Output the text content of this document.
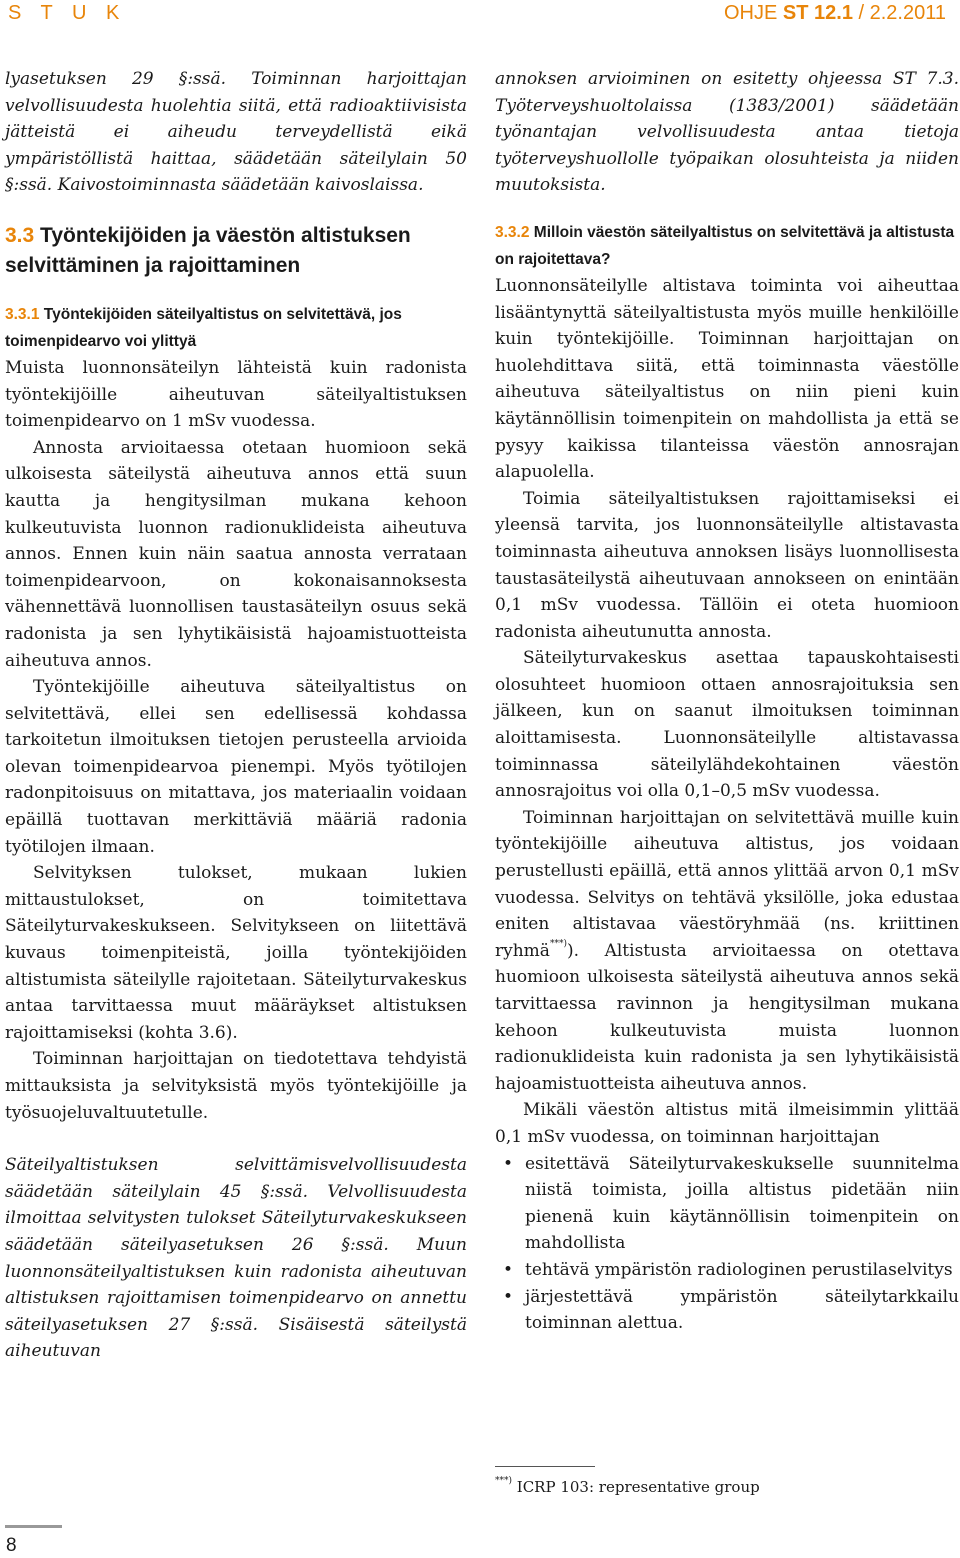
S T U K	OHJE ST 12.1 / 2.2.2011

lyasetuksen 29 §:ssä. Toiminnan harjoittajan velvollisuudesta huolehtia siitä, että radioaktiivisista jätteistä ei aiheudu terveydellistä eikä ympäristöllistä haittaa, säädetään säteilylain 50 §:ssä. Kaivostoiminnasta säädetään kaivoslaissa.

3.3 Työntekijöiden ja väestön altistuksen selvittäminen ja rajoittaminen
3.3.1 Työntekijöiden säteilyaltistus on selvitettävä, jos toimenpidearvo voi ylittyä

Muista luonnonsäteilyn lähteistä kuin radonista työntekijöille aiheutuvan säteilyaltistuksen toimenpidearvo on 1 mSv vuodessa.

Annosta arvioitaessa otetaan huomioon sekä ulkoisesta säteilystä aiheutuva annos että suun kautta ja hengitysilman mukana kehoon kulkeutuvista luonnon radionuklideista aiheutuva annos. Ennen kuin näin saatua annosta verrataan toimenpidearvoon, on kokonaisannoksesta vähennettävä luonnollisen taustasäteilyn osuus sekä radonista ja sen lyhytikäisistä hajoamistuotteista aiheutuva annos.

Työntekijöille aiheutuva säteilyaltistus on selvitettävä, ellei sen edellisessä kohdassa tarkoitetun ilmoituksen tietojen perusteella arvioida olevan toimenpidearvoa pienempi. Myös työtilojen radonpitoisuus on mitattava, jos materiaalin voidaan epäillä tuottavan merkittäviä määriä radonia työtilojen ilmaan.

Selvityksen tulokset, mukaan lukien mittaustulokset, on toimitettava Säteilyturvakeskukseen. Selvitykseen on liitettävä kuvaus toimenpiteistä, joilla työntekijöiden altistumista säteilylle rajoitetaan. Säteilyturvakeskus antaa tarvittaessa muut määräykset altistuksen rajoittamiseksi (kohta 3.6).

Toiminnan harjoittajan on tiedotettava tehdyistä mittauksista ja selvityksistä myös työntekijöille ja työsuojeluvaltuutetulle.

Säteilyaltistuksen selvittämisvelvollisuudesta säädetään säteilylain 45 §:ssä. Velvollisuudesta ilmoittaa selvitysten tulokset Säteilyturvakeskukseen säädetään säteilyasetuksen 26 §:ssä. Muun luonnonsäteilyaltistuksen kuin radonista aiheutuvan altistuksen rajoittamisen toimenpidearvo on annettu säteilyasetuksen 27 §:ssä. Sisäisestä säteilystä aiheutuvan

annoksen arvioiminen on esitetty ohjeessa ST 7.3. Työterveyshuoltolaissa (1383/2001) säädetään työnantajan velvollisuudesta antaa tietoja työterveyshuollolle työpaikan olosuhteista ja niiden muutoksista.

3.3.2 Milloin väestön säteilyaltistus on selvitettävä ja altistusta on rajoitettava?

Luonnonsäteilylle altistava toiminta voi aiheuttaa lisääntynyttä säteilyaltistusta myös muille henkilöille kuin työntekijöille. Toiminnan harjoittajan on huolehdittava siitä, että toiminnasta väestölle aiheutuva säteilyaltistus on niin pieni kuin käytännöllisin toimenpitein on mahdollista ja että se pysyy kaikissa tilanteissa väestön annosrajan alapuolella.

Toimia säteilyaltistuksen rajoittamiseksi ei yleensä tarvita, jos luonnonsäteilylle altistavasta toiminnasta aiheutuva annoksen lisäys luonnollisesta taustasäteilystä aiheutuvaan annokseen on enintään 0,1 mSv vuodessa. Tällöin ei oteta huomioon radonista aiheutunutta annosta.

Säteilyturvakeskus asettaa tapauskohtaisesti olosuhteet huomioon ottaen annosrajoituksia sen jälkeen, kun on saanut ilmoituksen toiminnan aloittamisesta. Luonnonsäteilylle altistavassa toiminnassa säteilylähdekohtainen väestön annosrajoitus voi olla 0,1–0,5 mSv vuodessa.

Toiminnan harjoittajan on selvitettävä muille kuin työntekijöille aiheutuva altistus, jos voidaan perustellusti epäillä, että annos ylittää arvon 0,1 mSv vuodessa. Selvitys on tehtävä yksilölle, joka edustaa eniten altistavaa väestöryhmää (ns. kriittinen ryhmä***)). Altistusta arvioitaessa on otettava huomioon ulkoisesta säteilystä aiheutuva annos sekä tarvittaessa ravinnon ja hengitysilman mukana kehoon kulkeutuvista muista luonnon radionuklideista kuin radonista ja sen lyhytikäisistä hajoamistuotteista aiheutuva annos.

Mikäli väestön altistus mitä ilmeisimmin ylittää 0,1 mSv vuodessa, on toiminnan harjoittajan

• esitettävä Säteilyturvakeskukselle suunnitelma niistä toimista, joilla altistus pidetään niin pienenä kuin käytännöllisin toimenpitein on mahdollista
• tehtävä ympäristön radiologinen perustilaselvitys
• järjestettävä ympäristön säteilytarkkailu toiminnan alettua.
***) ICRP 103: representative group
8
